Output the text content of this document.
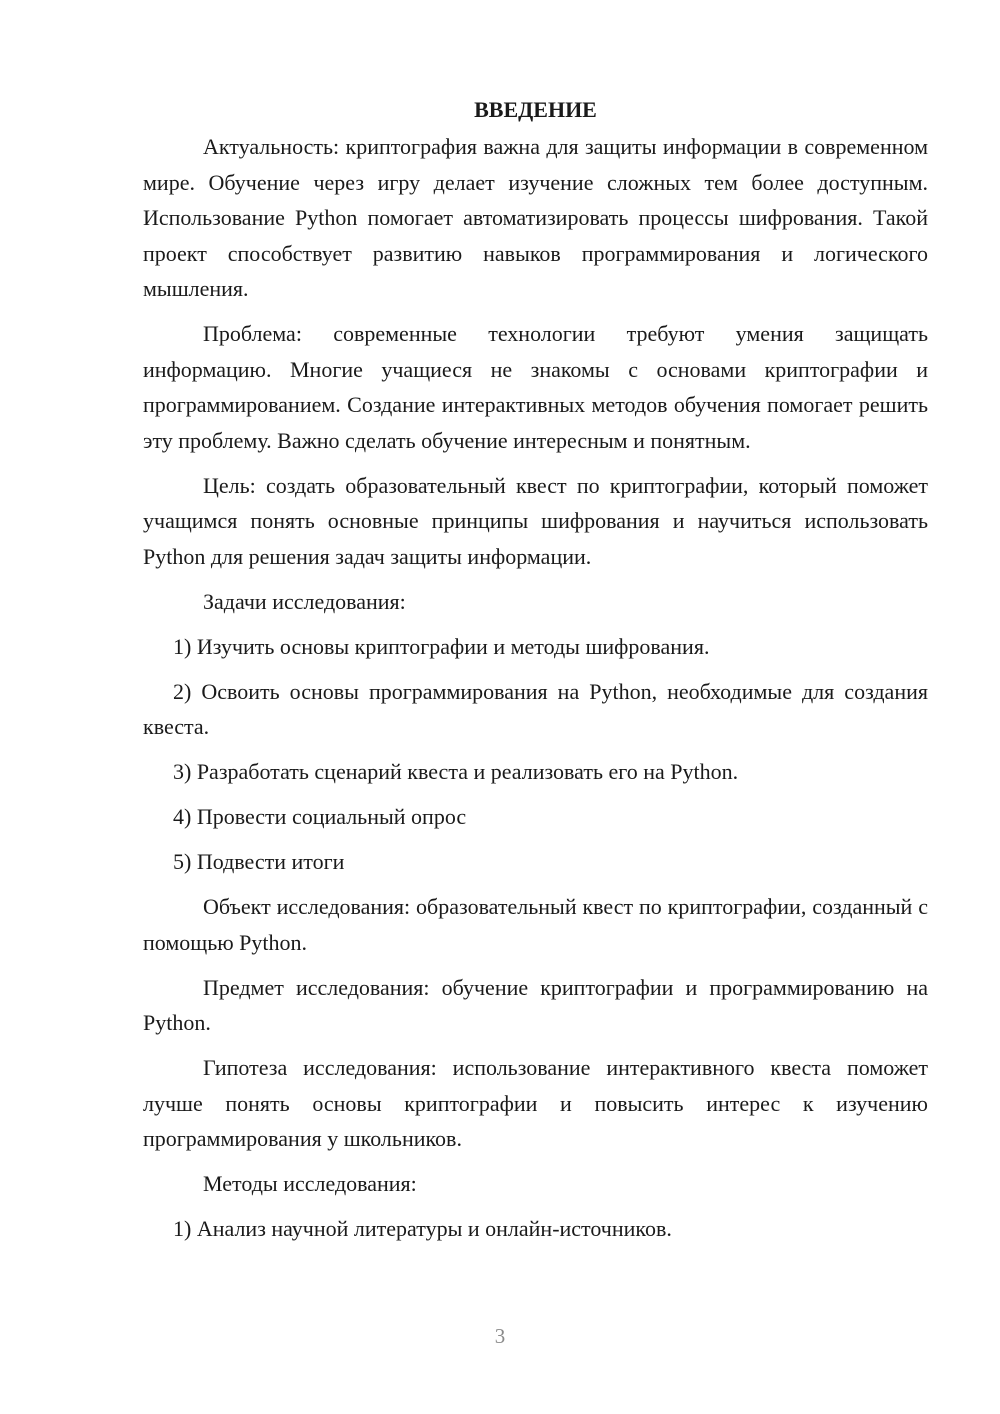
ВВЕДЕНИЕ

Актуальность: криптография важна для защиты информации в современном мире. Обучение через игру делает изучение сложных тем более доступным. Использование Python помогает автоматизировать процессы шифрования. Такой проект способствует развитию навыков программирования и логического мышления.

Проблема: современные технологии требуют умения защищать информацию. Многие учащиеся не знакомы с основами криптографии и программированием. Создание интерактивных методов обучения помогает решить эту проблему. Важно сделать обучение интересным и понятным.

Цель: создать образовательный квест по криптографии, который поможет учащимся понять основные принципы шифрования и научиться использовать Python для решения задач защиты информации.

Задачи исследования:

1) Изучить основы криптографии и методы шифрования.

2) Освоить основы программирования на Python, необходимые для создания квеста.

3) Разработать сценарий квеста и реализовать его на Python.

4) Провести социальный опрос

5) Подвести итоги

Объект исследования: образовательный квест по криптографии, созданный с помощью Python.

Предмет исследования: обучение криптографии и программированию на Python.

Гипотеза исследования: использование интерактивного квеста поможет лучше понять основы криптографии и повысить интерес к изучению программирования у школьников.

Методы исследования:

1) Анализ научной литературы и онлайн-источников.

3
